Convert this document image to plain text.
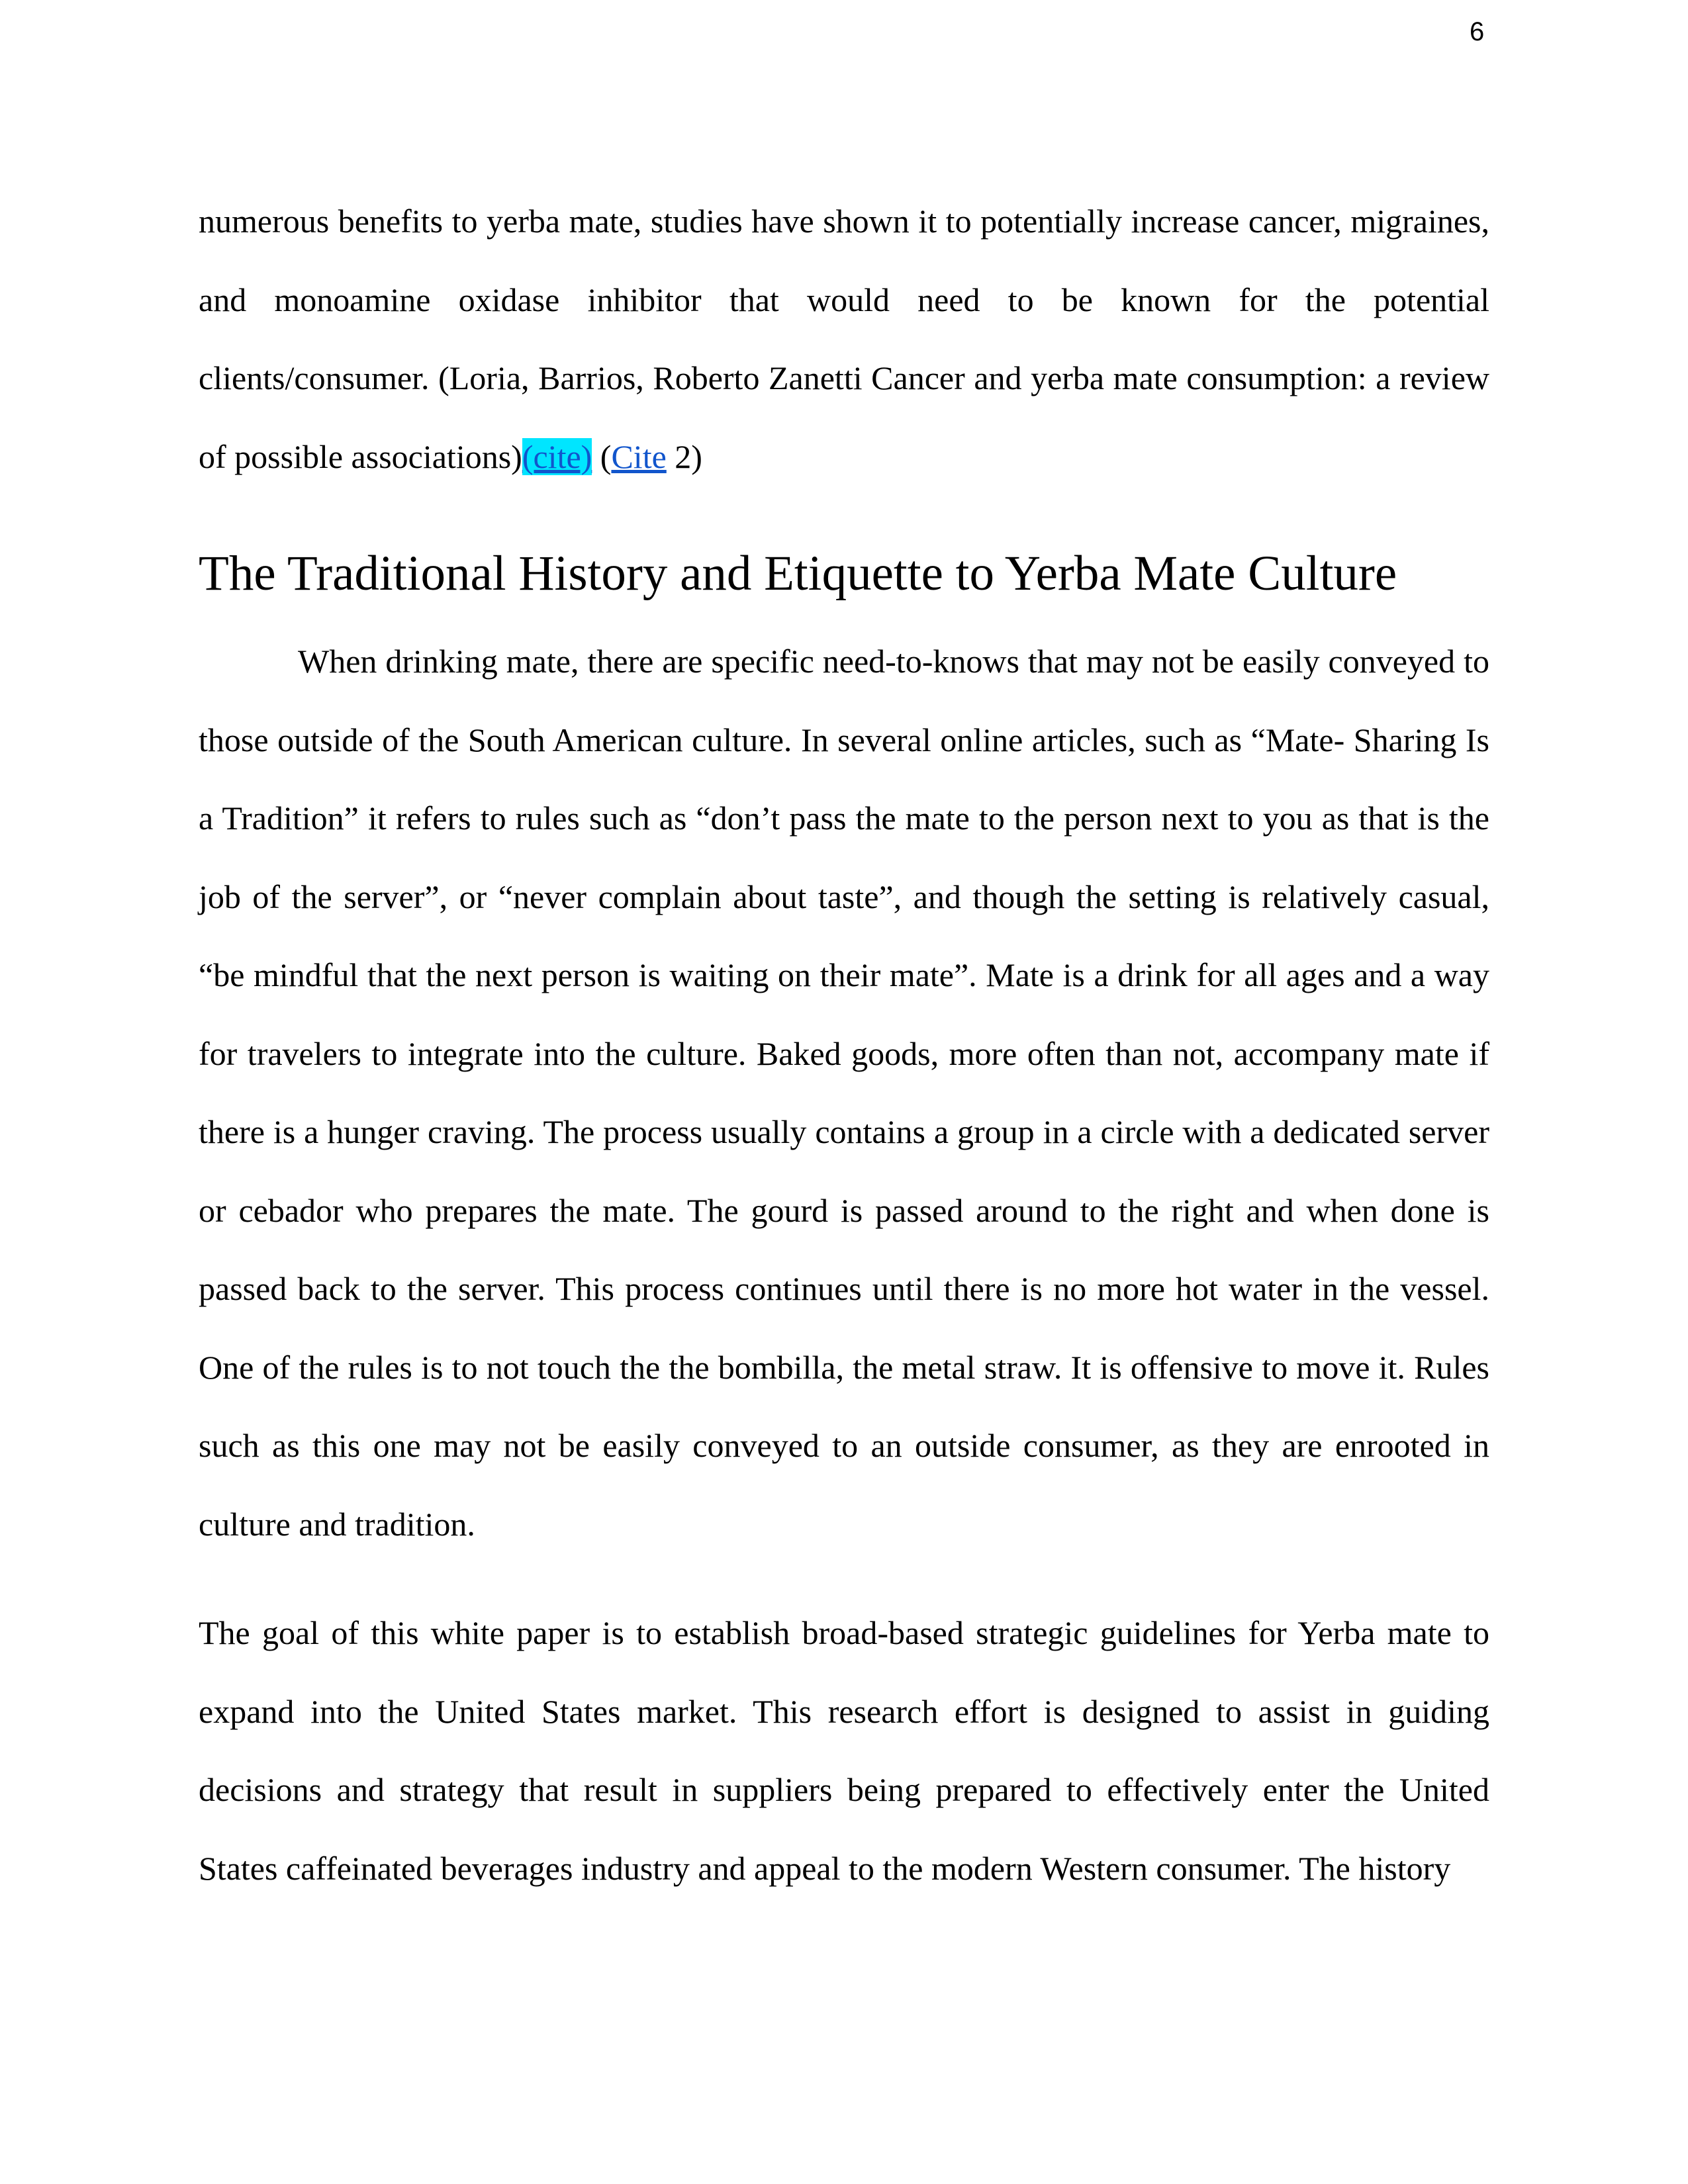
6

numerous benefits to yerba mate, studies have shown it to potentially increase cancer, migraines, and monoamine oxidase inhibitor that would need to be known for the potential clients/consumer. (Loria, Barrios, Roberto Zanetti Cancer and yerba mate consumption: a review of possible associations)(cite) (Cite 2)

The Traditional History and Etiquette to Yerba Mate Culture

When drinking mate, there are specific need-to-knows that may not be easily conveyed to those outside of the South American culture. In several online articles, such as “Mate- Sharing Is a Tradition” it refers to rules such as “don’t pass the mate to the person next to you as that is the job of the server”, or “never complain about taste”, and though the setting is relatively casual, “be mindful that the next person is waiting on their mate”. Mate is a drink for all ages and a way for travelers to integrate into the culture. Baked goods, more often than not, accompany mate if there is a hunger craving. The process usually contains a group in a circle with a dedicated server or cebador who prepares the mate. The gourd is passed around to the right and when done is passed back to the server. This process continues until there is no more hot water in the vessel. One of the rules is to not touch the the bombilla, the metal straw. It is offensive to move it. Rules such as this one may not be easily conveyed to an outside consumer, as they are enrooted in culture and tradition.

The goal of this white paper is to establish broad-based strategic guidelines for Yerba mate to expand into the United States market. This research effort is designed to assist in guiding decisions and strategy that result in suppliers being prepared to effectively enter the United States caffeinated beverages industry and appeal to the modern Western consumer. The history
